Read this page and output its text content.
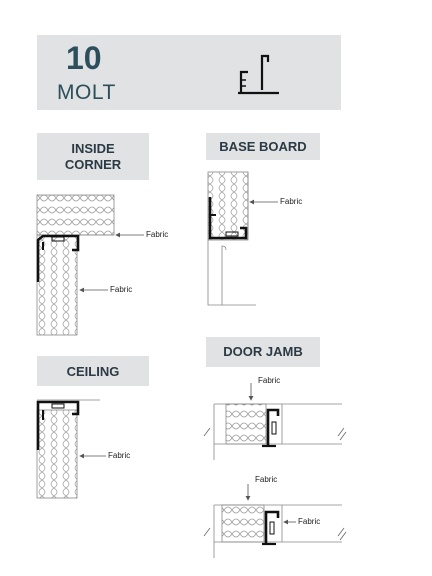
10
MOLT
INSIDE
CORNER
BASE BOARD
CEILING
DOOR JAMB
Fabric
Fabric
Fabric
Fabric
Fabric
Fabric
Fabric
